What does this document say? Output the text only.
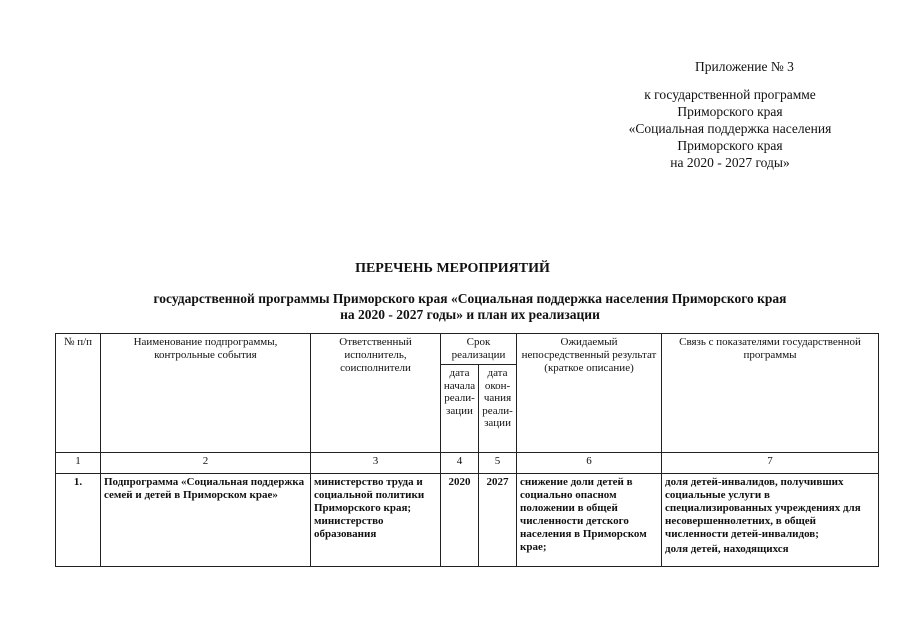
Приложение № 3
к государственной программе
Приморского края
«Социальная поддержка населения
Приморского края
на 2020 - 2027 годы»
ПЕРЕЧЕНЬ МЕРОПРИЯТИЙ
государственной программы Приморского края «Социальная поддержка населения Приморского края
на 2020 - 2027 годы» и план их реализации
№ п/п	Наименование подпрограммы, контрольные события	Ответственный исполнитель, соисполнители	Срок реализации		Ожидаемый непосредственный результат (краткое описание)	Связь с показателями государственной программы
			дата начала реали-зации	дата окон-чания реали-зации		
1	2	3	4	5	6	7
1.	Подпрограмма «Социальная поддержка семей и детей в Приморском крае»	министерство труда и социальной политики Приморского края; министерство образования	2020	2027	снижение доли детей в социально опасном положении в общей численности детского населения в Приморском крае;	доля детей-инвалидов, получивших социальные услуги в специализированных учреждениях для несовершеннолетних, в общей численности детей-инвалидов;
доля детей, находящихся
